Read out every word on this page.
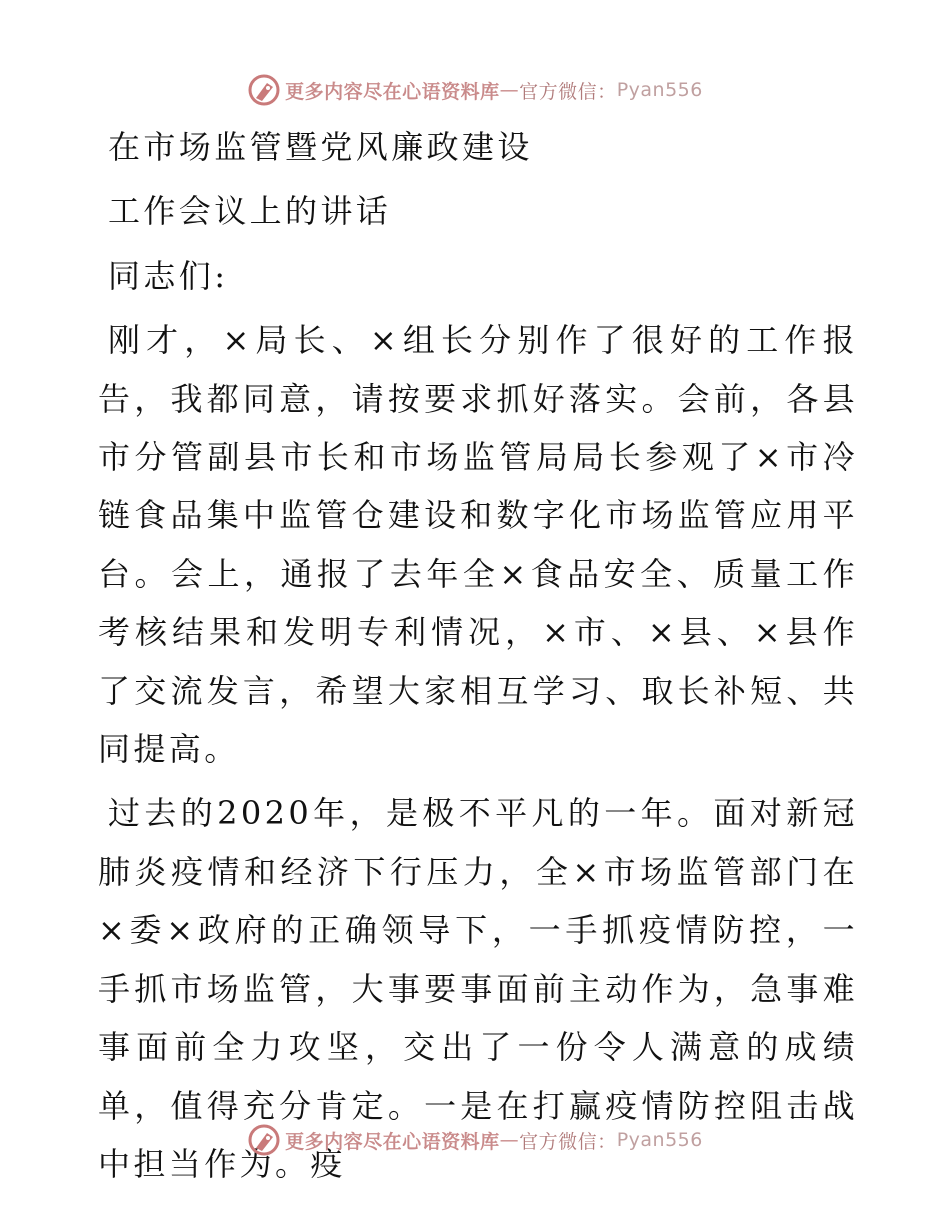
更多内容尽在心语资料库 — 官方微信： Pyan556

在市场监管暨党风廉政建设

工作会议上的讲话

同志们:

刚才，×局长、×组长分别作了很好的工作报告，我都同意，请按要求抓好落实。会前，各县市分管副县市长和市场监管局局长参观了×市冷链食品集中监管仓建设和数字化市场监管应用平台。会上，通报了去年全×食品安全、质量工作考核结果和发明专利情况，×市、×县、×县作了交流发言，希望大家相互学习、取长补短、共同提高。

过去的2020年，是极不平凡的一年。面对新冠肺炎疫情和经济下行压力，全×市场监管部门在×委×政府的正确领导下，一手抓疫情防控，一手抓市场监管，大事要事面前主动作为，急事难事面前全力攻坚，交出了一份令人满意的成绩单，值得充分肯定。一是在打赢疫情防控阻击战中担当作为。疫

更多内容尽在心语资料库 — 官方微信： Pyan556
